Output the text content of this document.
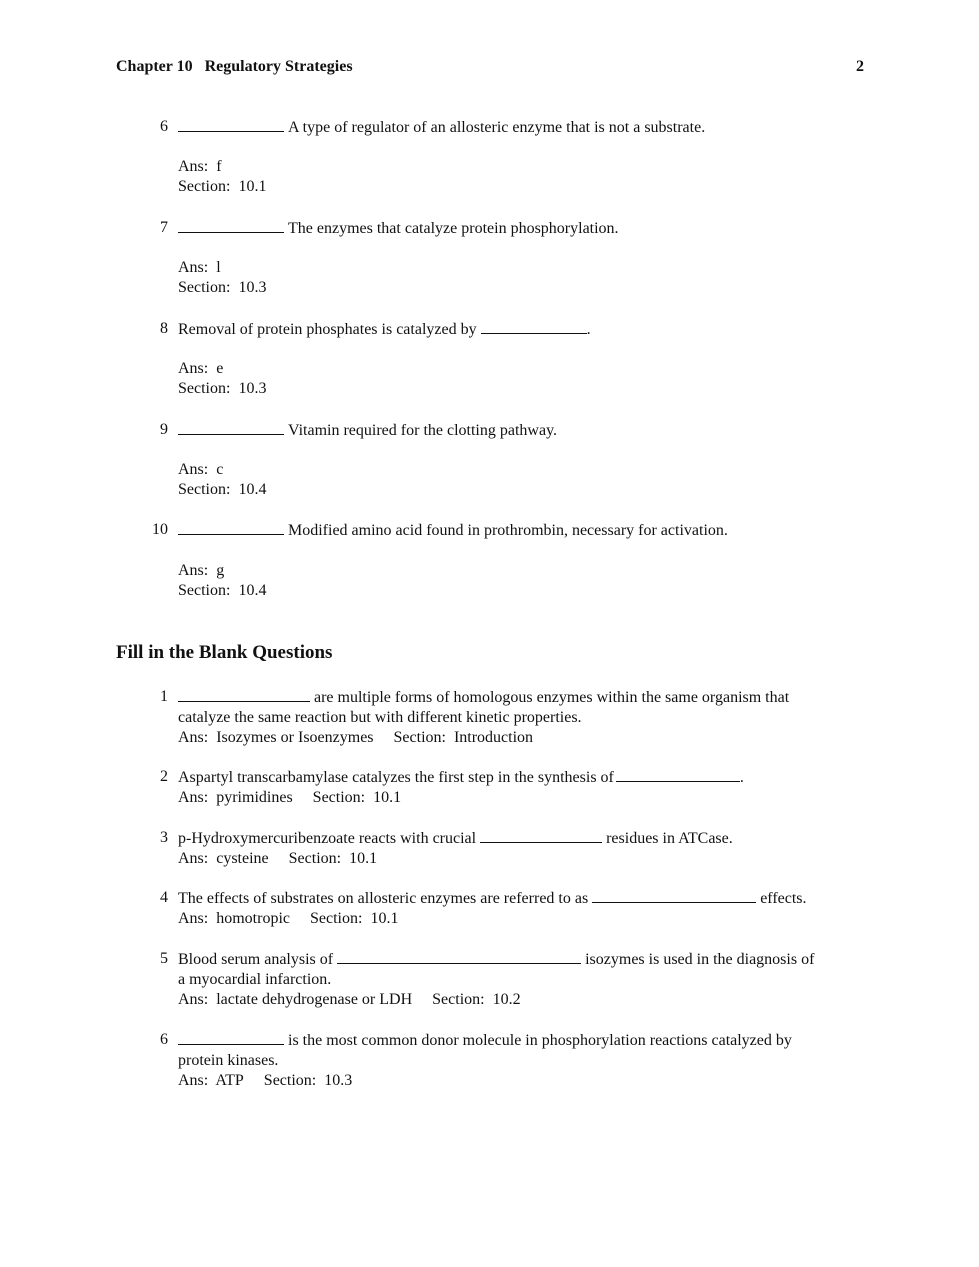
Chapter 10   Regulatory Strategies	2
6	A type of regulator of an allosteric enzyme that is not a substrate.
Ans:  f
Section:  10.1
7	The enzymes that catalyze protein phosphorylation.
Ans:  l
Section:  10.3
8 Removal of protein phosphates is catalyzed by	.
Ans:  e
Section:  10.3
9	Vitamin required for the clotting pathway.
Ans:  c
Section:  10.4
10	Modified amino acid found in prothrombin, necessary for activation.
Ans:  g
Section:  10.4
Fill in the Blank Questions
1	are multiple forms of homologous enzymes within the same organism that
catalyze the same reaction but with different kinetic properties.
Ans:  Isozymes or Isoenzymes Section:  Introduction
2 Aspartyl transcarbamylase catalyzes the first step in the synthesis of	.
Ans:  pyrimidines Section:  10.1
3 p-Hydroxymercuribenzoate reacts with crucial	residues in ATCase.
Ans:  cysteine Section:  10.1
4 The effects of substrates on allosteric enzymes are referred to as	effects.
Ans:  homotropic Section:  10.1
5 Blood serum analysis of	isozymes is used in the diagnosis of
a myocardial infarction.
Ans:  lactate dehydrogenase or LDH Section:  10.2
6	is the most common donor molecule in phosphorylation reactions catalyzed by
protein kinases.
Ans:  ATP Section:  10.3
